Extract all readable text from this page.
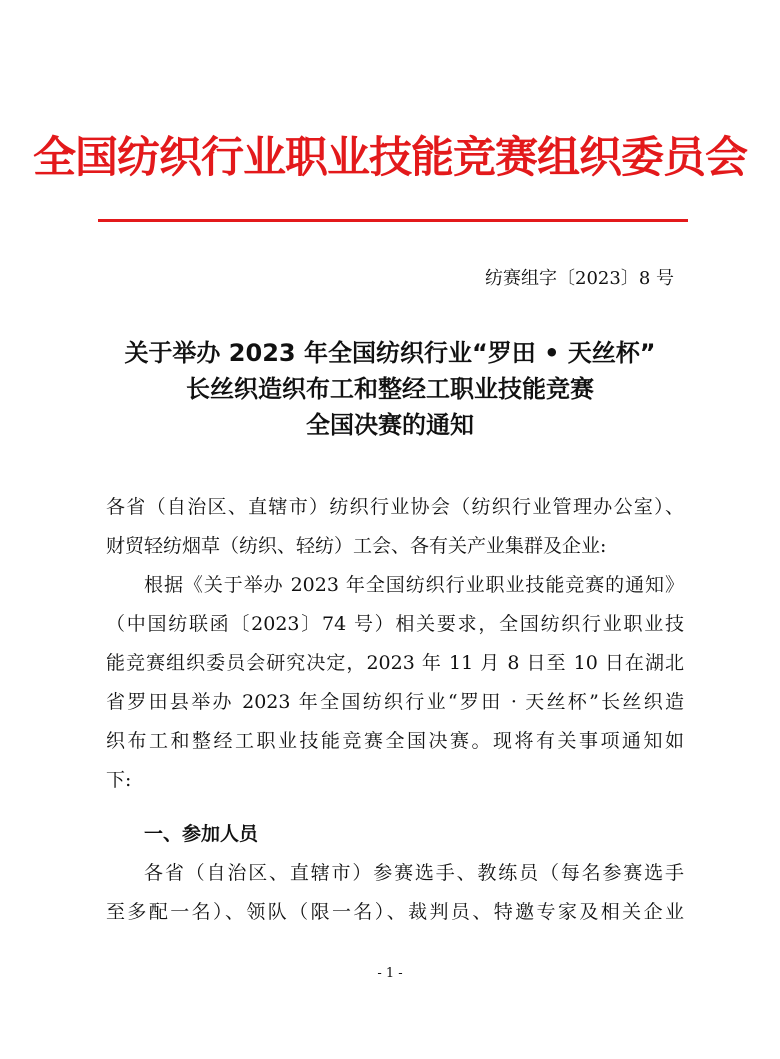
全国纺织行业职业技能竞赛组织委员会
纺赛组字〔2023〕8 号
关于举办 2023 年全国纺织行业“罗田 • 天丝杯”
长丝织造织布工和整经工职业技能竞赛
全国决赛的通知
各省（自治区、直辖市）纺织行业协会（纺织行业管理办公室）、
财贸轻纺烟草（纺织、轻纺）工会、各有关产业集群及企业:
根据《关于举办 2023 年全国纺织行业职业技能竞赛的通知》
（中国纺联函〔2023〕74 号）相关要求，全国纺织行业职业技
能竞赛组织委员会研究决定，2023 年 11 月 8 日至 10 日在湖北
省罗田县举办 2023 年全国纺织行业“罗田 · 天丝杯”长丝织造
织布工和整经工职业技能竞赛全国决赛。现将有关事项通知如
下:
一、参加人员
各省（自治区、直辖市）参赛选手、教练员（每名参赛选手
至多配一名）、领队（限一名）、裁判员、特邀专家及相关企业
- 1 -
